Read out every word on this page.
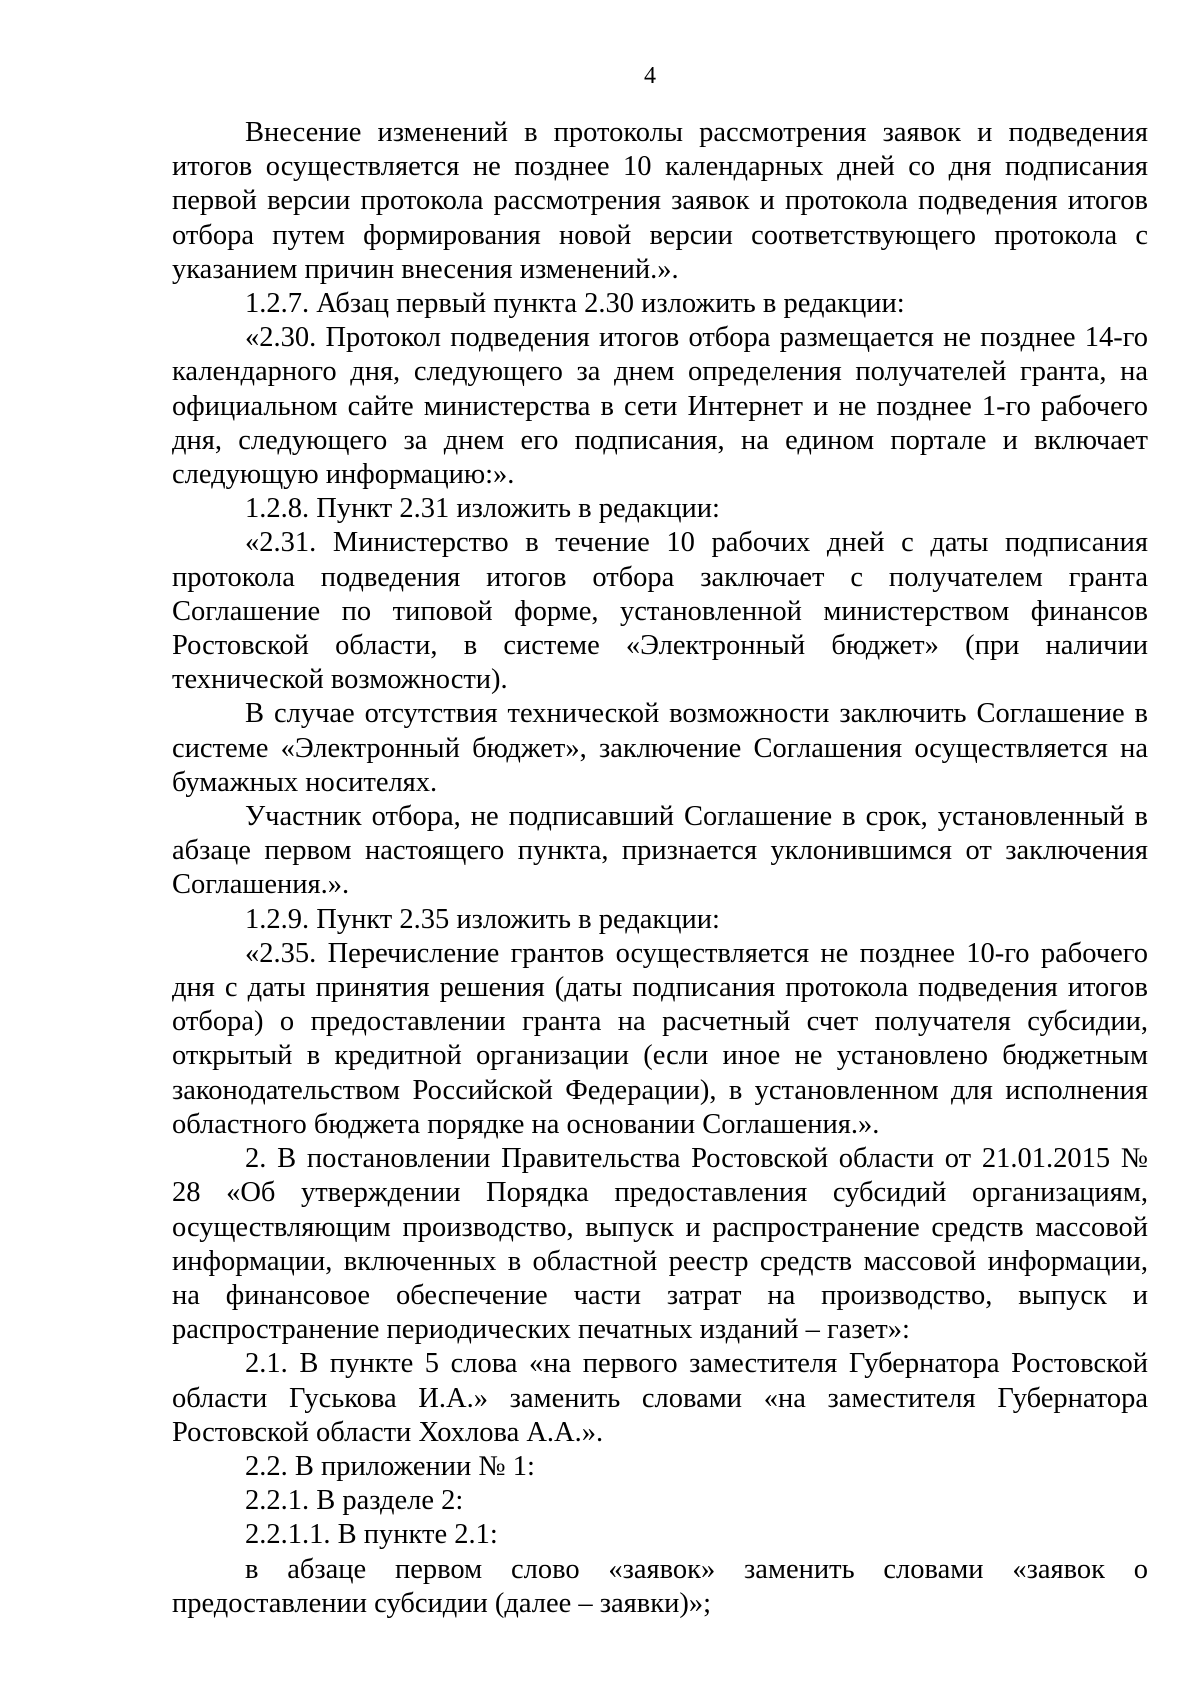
4

Внесение изменений в протоколы рассмотрения заявок и подведения итогов осуществляется не позднее 10 календарных дней со дня подписания первой версии протокола рассмотрения заявок и протокола подведения итогов отбора путем формирования новой версии соответствующего протокола с указанием причин внесения изменений.».

1.2.7. Абзац первый пункта 2.30 изложить в редакции:

«2.30. Протокол подведения итогов отбора размещается не позднее 14-го календарного дня, следующего за днем определения получателей гранта, на официальном сайте министерства в сети Интернет и не позднее 1-го рабочего дня, следующего за днем его подписания, на едином портале и включает следующую информацию:».

1.2.8. Пункт 2.31 изложить в редакции:

«2.31. Министерство в течение 10 рабочих дней с даты подписания протокола подведения итогов отбора заключает с получателем гранта Соглашение по типовой форме, установленной министерством финансов Ростовской области, в системе «Электронный бюджет» (при наличии технической возможности).

В случае отсутствия технической возможности заключить Соглашение в системе «Электронный бюджет», заключение Соглашения осуществляется на бумажных носителях.

Участник отбора, не подписавший Соглашение в срок, установленный в абзаце первом настоящего пункта, признается уклонившимся от заключения Соглашения.».

1.2.9. Пункт 2.35 изложить в редакции:

«2.35. Перечисление грантов осуществляется не позднее 10-го рабочего дня с даты принятия решения (даты подписания протокола подведения итогов отбора) о предоставлении гранта на расчетный счет получателя субсидии, открытый в кредитной организации (если иное не установлено бюджетным законодательством Российской Федерации), в установленном для исполнения областного бюджета порядке на основании Соглашения.».

2. В постановлении Правительства Ростовской области от 21.01.2015 № 28 «Об утверждении Порядка предоставления субсидий организациям, осуществляющим производство, выпуск и распространение средств массовой информации, включенных в областной реестр средств массовой информации, на финансовое обеспечение части затрат на производство, выпуск и распространение периодических печатных изданий – газет»:

2.1. В пункте 5 слова «на первого заместителя Губернатора Ростовской области Гуськова И.А.» заменить словами «на заместителя Губернатора Ростовской области Хохлова А.А.».

2.2. В приложении № 1:

2.2.1. В разделе 2:

2.2.1.1. В пункте 2.1:

в абзаце первом слово «заявок» заменить словами «заявок о предоставлении субсидии (далее – заявки)»;
